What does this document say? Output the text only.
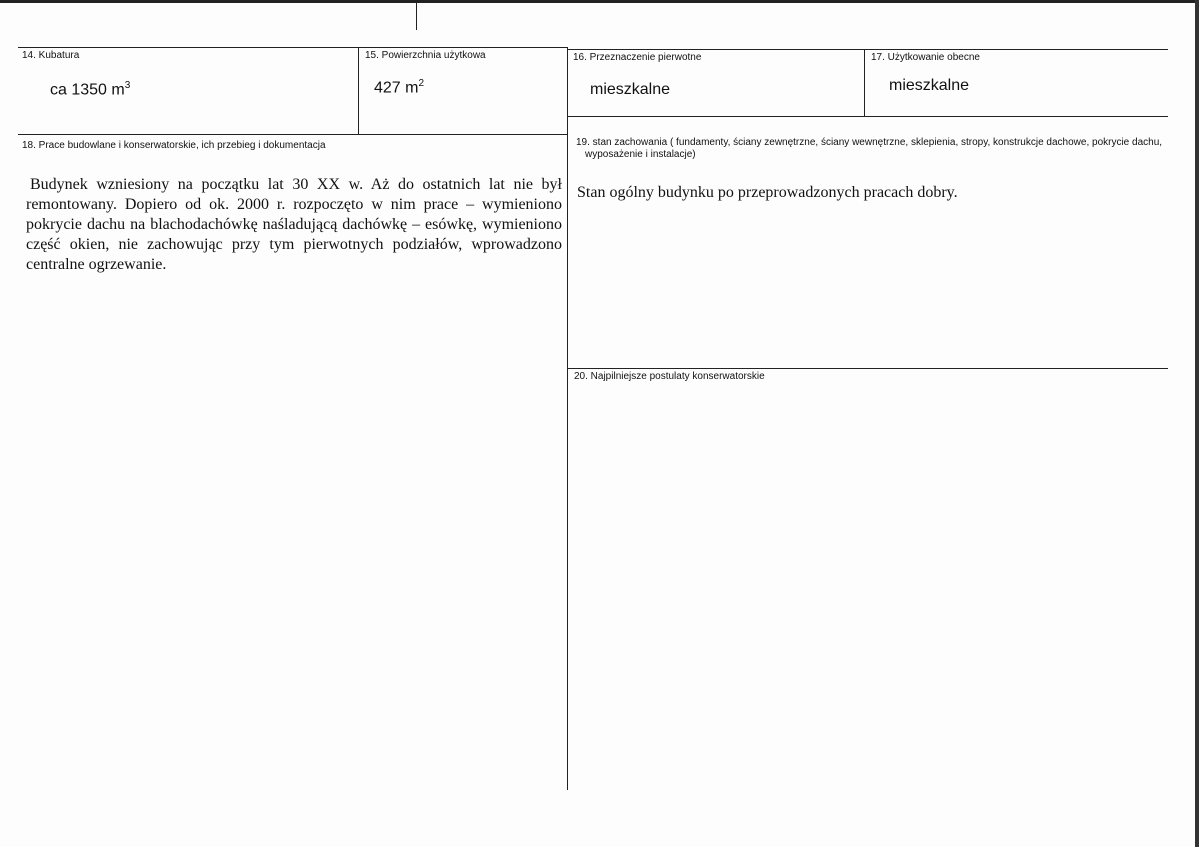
14. Kubatura
ca 1350 $m^3$
15. Powierzchnia użytkowa
427 $m^2$
16. Przeznaczenie pierwotne
mieszkalne
17. Użytkowanie obecne
mieszkalne
18. Prace budowlane i konserwatorskie, ich przebieg i dokumentacja
Budynek wzniesiony na początku lat 30 XX w. Aż do ostatnich lat nie był remontowany. Dopiero od ok. 2000 r. rozpoczęto w nim prace – wymieniono pokrycie dachu na blachodachówkę naśladującą dachówkę – esówkę, wymieniono część okien, nie zachowując przy tym pierwotnych podziałów, wprowadzono centralne ogrzewanie.
19. stan zachowania ( fundamenty, ściany zewnętrzne, ściany wewnętrzne, sklepienia, stropy, konstrukcje dachowe, pokrycie dachu, wyposażenie i instalacje)
Stan ogólny budynku po przeprowadzonych pracach dobry.
20. Najpilniejsze postulaty konserwatorskie
